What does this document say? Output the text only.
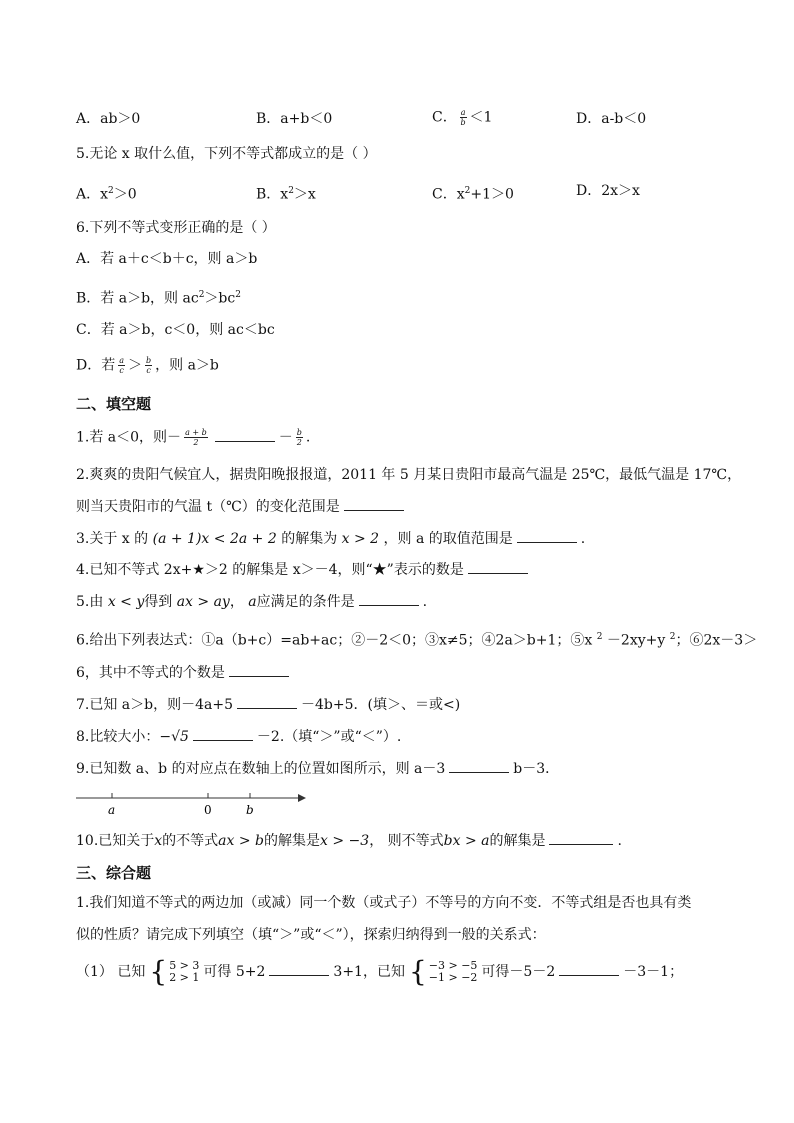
A．ab＞0	B．a+b＜0	C． $\frac{a}{b} <1$	D．a-b＜0
5.无论 x 取什么值，下列不等式都成立的是（ ）
A．$x^2>0$	B．$x^2>x$	C．$x^2+1>0$	D．2x＞x
6.下列不等式变形正确的是（ ）
A．若 a＋c＜b＋c，则 a＞b
B．若 a＞b，则 $ac^2>bc^2$
C．若 a＞b，c＜0，则 ac＜bc
D．若 $\frac{a}{c} > \frac{b}{c}$ ，则 a＞b
二、填空题
1.若 a＜0，则－ $\frac{a + b}{2}$	－ $\frac{b}{2}$ .
2.爽爽的贵阳气候宜人，据贵阳晚报报道，2011 年 5 月某日贵阳市最高气温是 25℃，最低气温是 17℃，
则当天贵阳市的气温 t（℃）的变化范围是
3.关于 x 的 (a + 1)x < 2a + 2 的解集为 x > 2 ，则 a 的取值范围是	.
4.已知不等式 2x+★＞2 的解集是 x＞－4，则“★”表示的数是
5.由 x < y得到 ax > ay， a应满足的条件是	.
6.给出下列表达式：①a（b+c）=ab+ac；②－2＜0；③x≠5；④2a＞b+1；⑤x $^2$ －2xy+y $^2$；⑥2x－3＞
6，其中不等式的个数是
7.已知 a＞b，则－4a+5	－4b+5．(填＞、＝或<)
8.比较大小：−√5	－2.（填“＞”或“＜”）.
9.已知数 a、b 的对应点在数轴上的位置如图所示，则 a－3	b－3．
a	0	b
10.已知关于x的不等式ax > b的解集是x > −3， 则不等式bx > a的解集是	.
三、综合题
1.我们知道不等式的两边加（或减）同一个数（或式子）不等号的方向不变．不等式组是否也具有类
似的性质？请完成下列填空（填“＞”或“＜”），探索归纳得到一般的关系式：
（1） 已知 { 5 > 3
2 > 1 可得 5+2	3+1，已知 { −3 > −5
−1 > −2 可得－5－2	－3－1；
